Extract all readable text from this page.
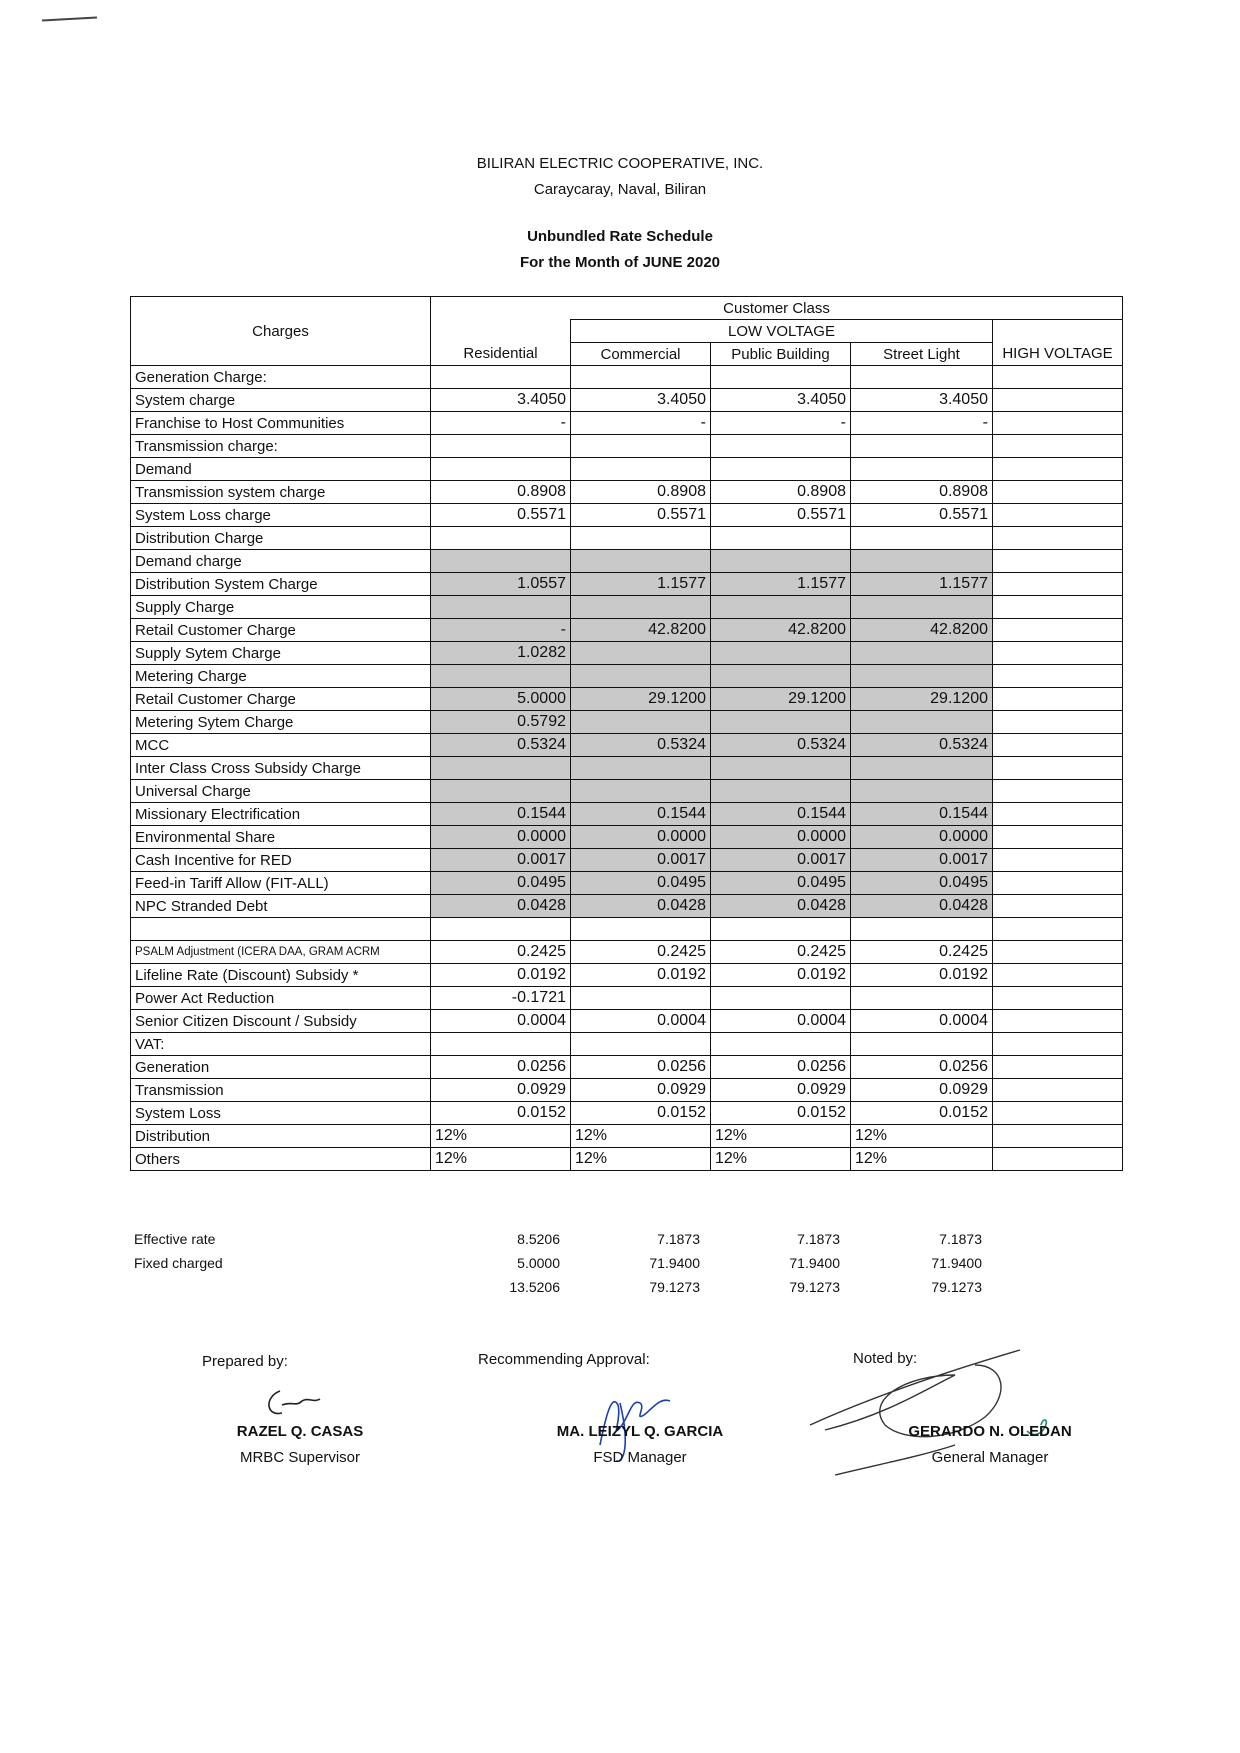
BILIRAN ELECTRIC COOPERATIVE, INC.
Caraycaray, Naval, Biliran
Unbundled Rate Schedule
For the Month of JUNE 2020
Charges	Customer Class				
		LOW VOLTAGE			
	Residential	Commercial	Public Building	Street Light	HIGH VOLTAGE
Generation Charge:					
System charge	3.4050	3.4050	3.4050	3.4050	
Franchise to Host Communities	-	-	-	-	
Transmission charge:					
Demand					
Transmission system charge	0.8908	0.8908	0.8908	0.8908	
System Loss charge	0.5571	0.5571	0.5571	0.5571	
Distribution Charge					
Demand charge					
Distribution System Charge	1.0557	1.1577	1.1577	1.1577	
Supply Charge					
Retail Customer Charge	-	42.8200	42.8200	42.8200	
Supply Sytem Charge	1.0282				
Metering Charge					
Retail Customer Charge	5.0000	29.1200	29.1200	29.1200	
Metering Sytem Charge	0.5792				
MCC	0.5324	0.5324	0.5324	0.5324	
Inter Class Cross Subsidy Charge					
Universal Charge					
Missionary Electrification	0.1544	0.1544	0.1544	0.1544	
Environmental Share	0.0000	0.0000	0.0000	0.0000	
Cash Incentive for RED	0.0017	0.0017	0.0017	0.0017	
Feed-in Tariff Allow (FIT-ALL)	0.0495	0.0495	0.0495	0.0495	
NPC Stranded Debt	0.0428	0.0428	0.0428	0.0428	

PSALM Adjustment (ICERA DAA, GRAM ACRM	0.2425	0.2425	0.2425	0.2425	
Lifeline Rate (Discount) Subsidy *	0.0192	0.0192	0.0192	0.0192	
Power Act Reduction	-0.1721				
Senior Citizen Discount / Subsidy	0.0004	0.0004	0.0004	0.0004	
VAT:					
Generation	0.0256	0.0256	0.0256	0.0256	
Transmission	0.0929	0.0929	0.0929	0.0929	
System Loss	0.0152	0.0152	0.0152	0.0152	
Distribution	12%	12%	12%	12%	
Others	12%	12%	12%	12%	
Effective rate	8.5206	7.1873	7.1873	7.1873	
Fixed charged	5.0000	71.9400	71.9400	71.9400	
	13.5206	79.1273	79.1273	79.1273	
Prepared by:	Recommending Approval:	Noted by:
RAZEL Q. CASAS
MRBC Supervisor
MA. LEIZYL Q. GARCIA
FSD Manager
GERARDO N. OLEDAN
General Manager
